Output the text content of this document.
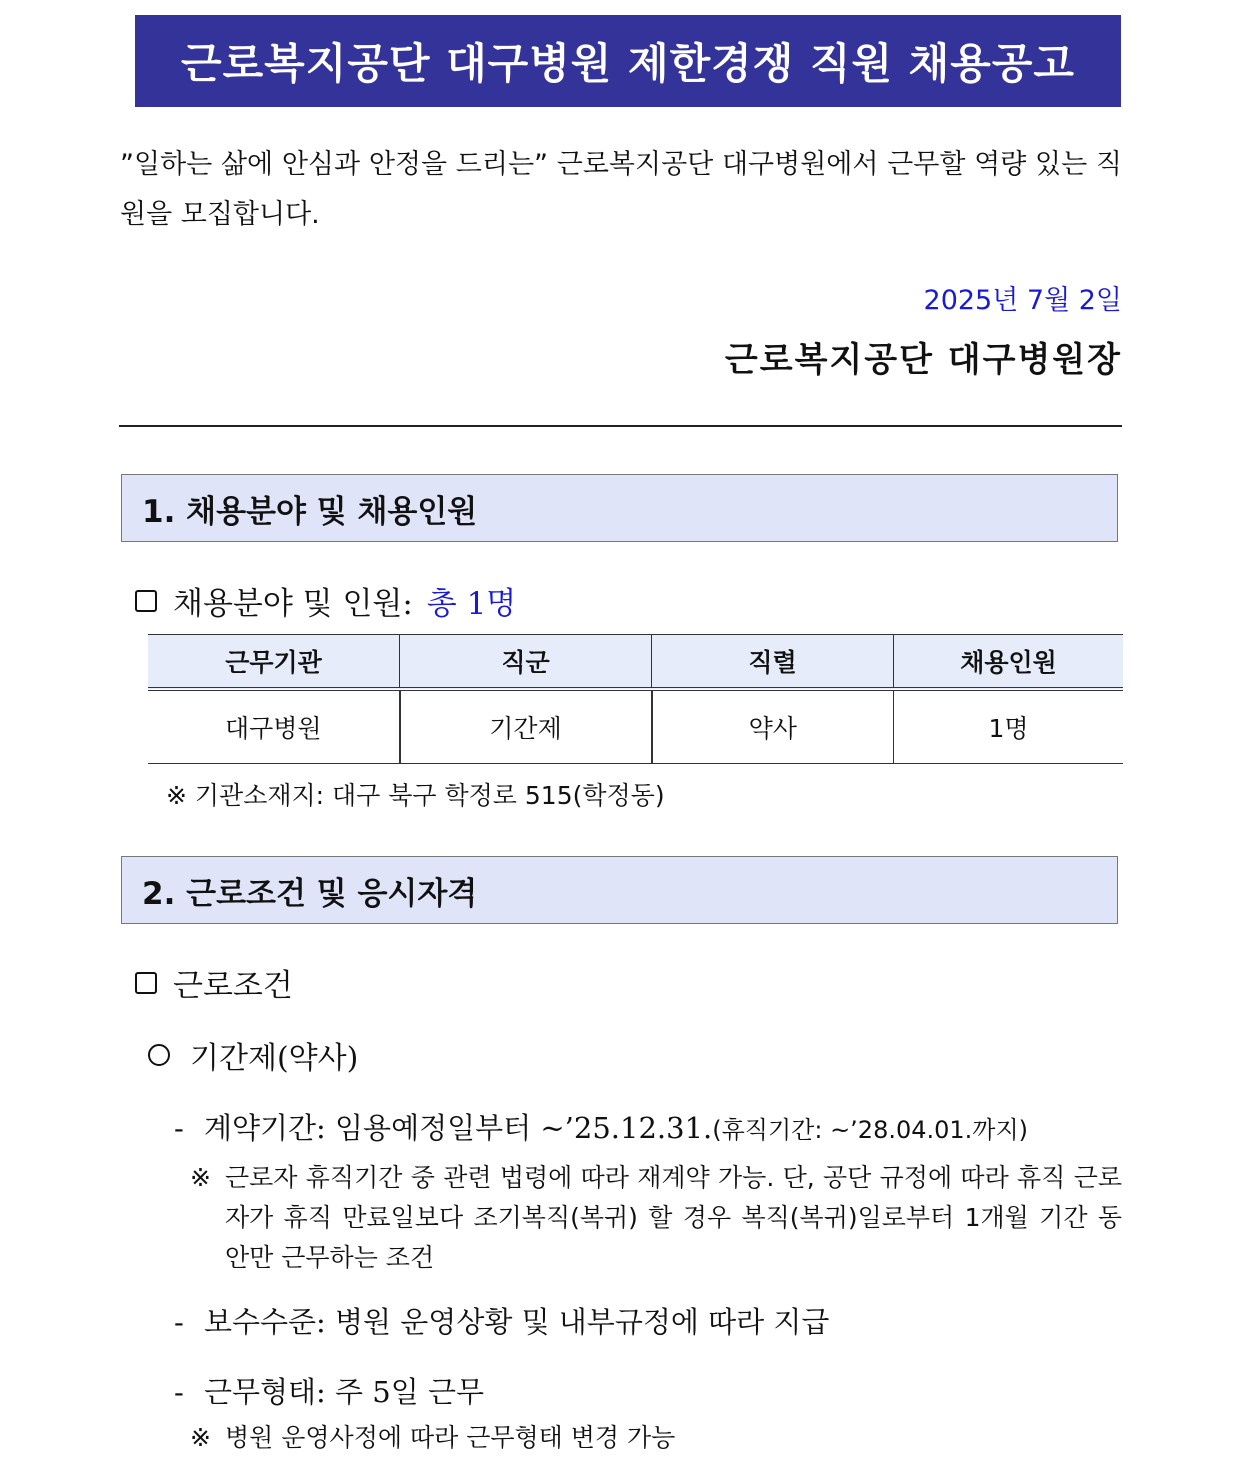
근로복지공단 대구병원 제한경쟁 직원 채용공고
”일하는 삶에 안심과 안정을 드리는” 근로복지공단 대구병원에서 근무할 역량 있는 직원을 모집합니다.
2025년 7월 2일
근로복지공단 대구병원장
1. 채용분야 및 채용인원
채용분야 및 인원: 총 1명
근무기관	직군	직렬	채용인원
대구병원	기간제	약사	1명
※ 기관소재지: 대구 북구 학정로 515(학정동)
2. 근로조건 및 응시자격
근로조건
기간제(약사)
- 계약기간: 임용예정일부터 ~’25.12.31.(휴직기간: ~’28.04.01.까지)
※ 근로자 휴직기간 중 관련 법령에 따라 재계약 가능. 단, 공단 규정에 따라 휴직 근로자가 휴직 만료일보다 조기복직(복귀) 할 경우 복직(복귀)일로부터 1개월 기간 동안만 근무하는 조건
- 보수수준: 병원 운영상황 및 내부규정에 따라 지급
- 근무형태: 주 5일 근무
※ 병원 운영사정에 따라 근무형태 변경 가능
